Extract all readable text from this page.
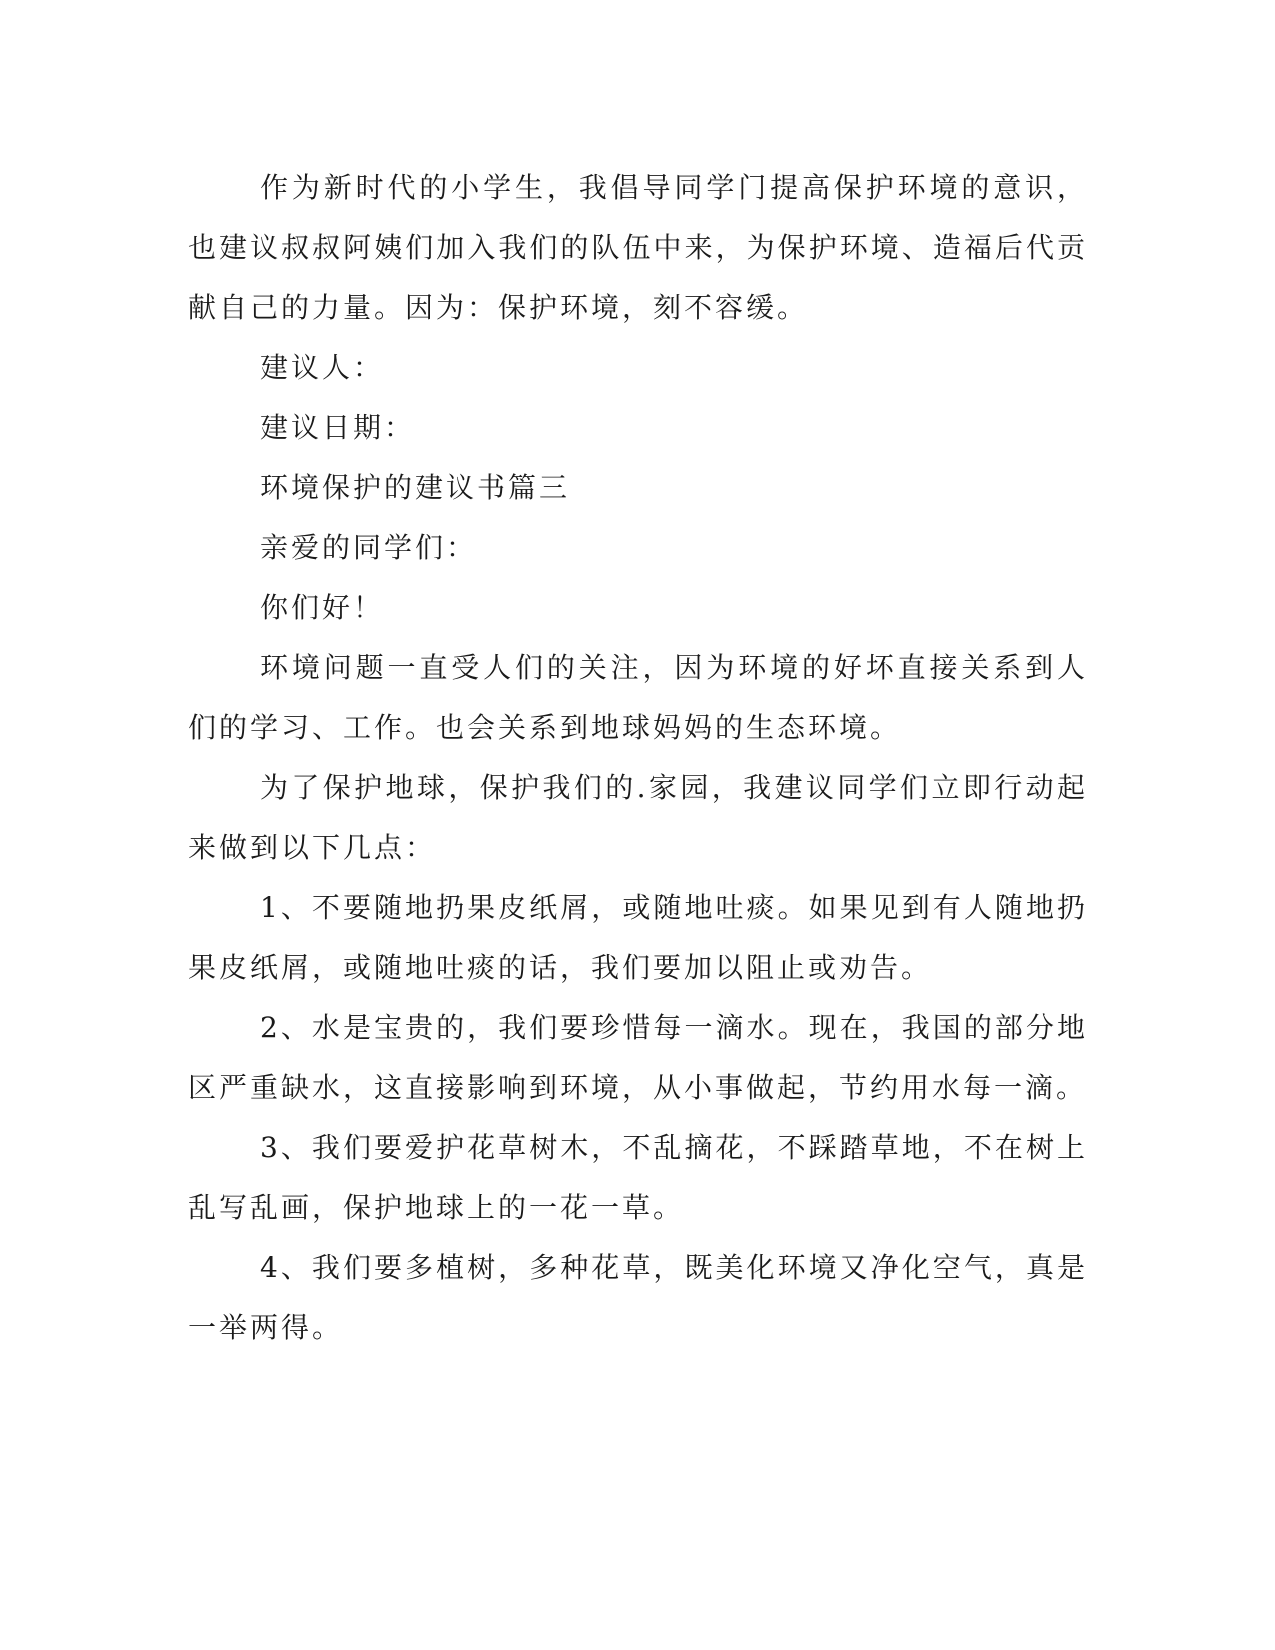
作为新时代的小学生，我倡导同学门提高保护环境的意识，也建议叔叔阿姨们加入我们的队伍中来，为保护环境、造福后代贡献自己的力量。因为：保护环境，刻不容缓。

建议人：

建议日期：

环境保护的建议书篇三

亲爱的同学们：

你们好！

环境问题一直受人们的关注，因为环境的好坏直接关系到人们的学习、工作。也会关系到地球妈妈的生态环境。

为了保护地球，保护我们的.家园，我建议同学们立即行动起来做到以下几点：

1、不要随地扔果皮纸屑，或随地吐痰。如果见到有人随地扔果皮纸屑，或随地吐痰的话，我们要加以阻止或劝告。

2、水是宝贵的，我们要珍惜每一滴水。现在，我国的部分地区严重缺水，这直接影响到环境，从小事做起，节约用水每一滴。

3、我们要爱护花草树木，不乱摘花，不踩踏草地，不在树上乱写乱画，保护地球上的一花一草。

4、我们要多植树，多种花草，既美化环境又净化空气，真是一举两得。
